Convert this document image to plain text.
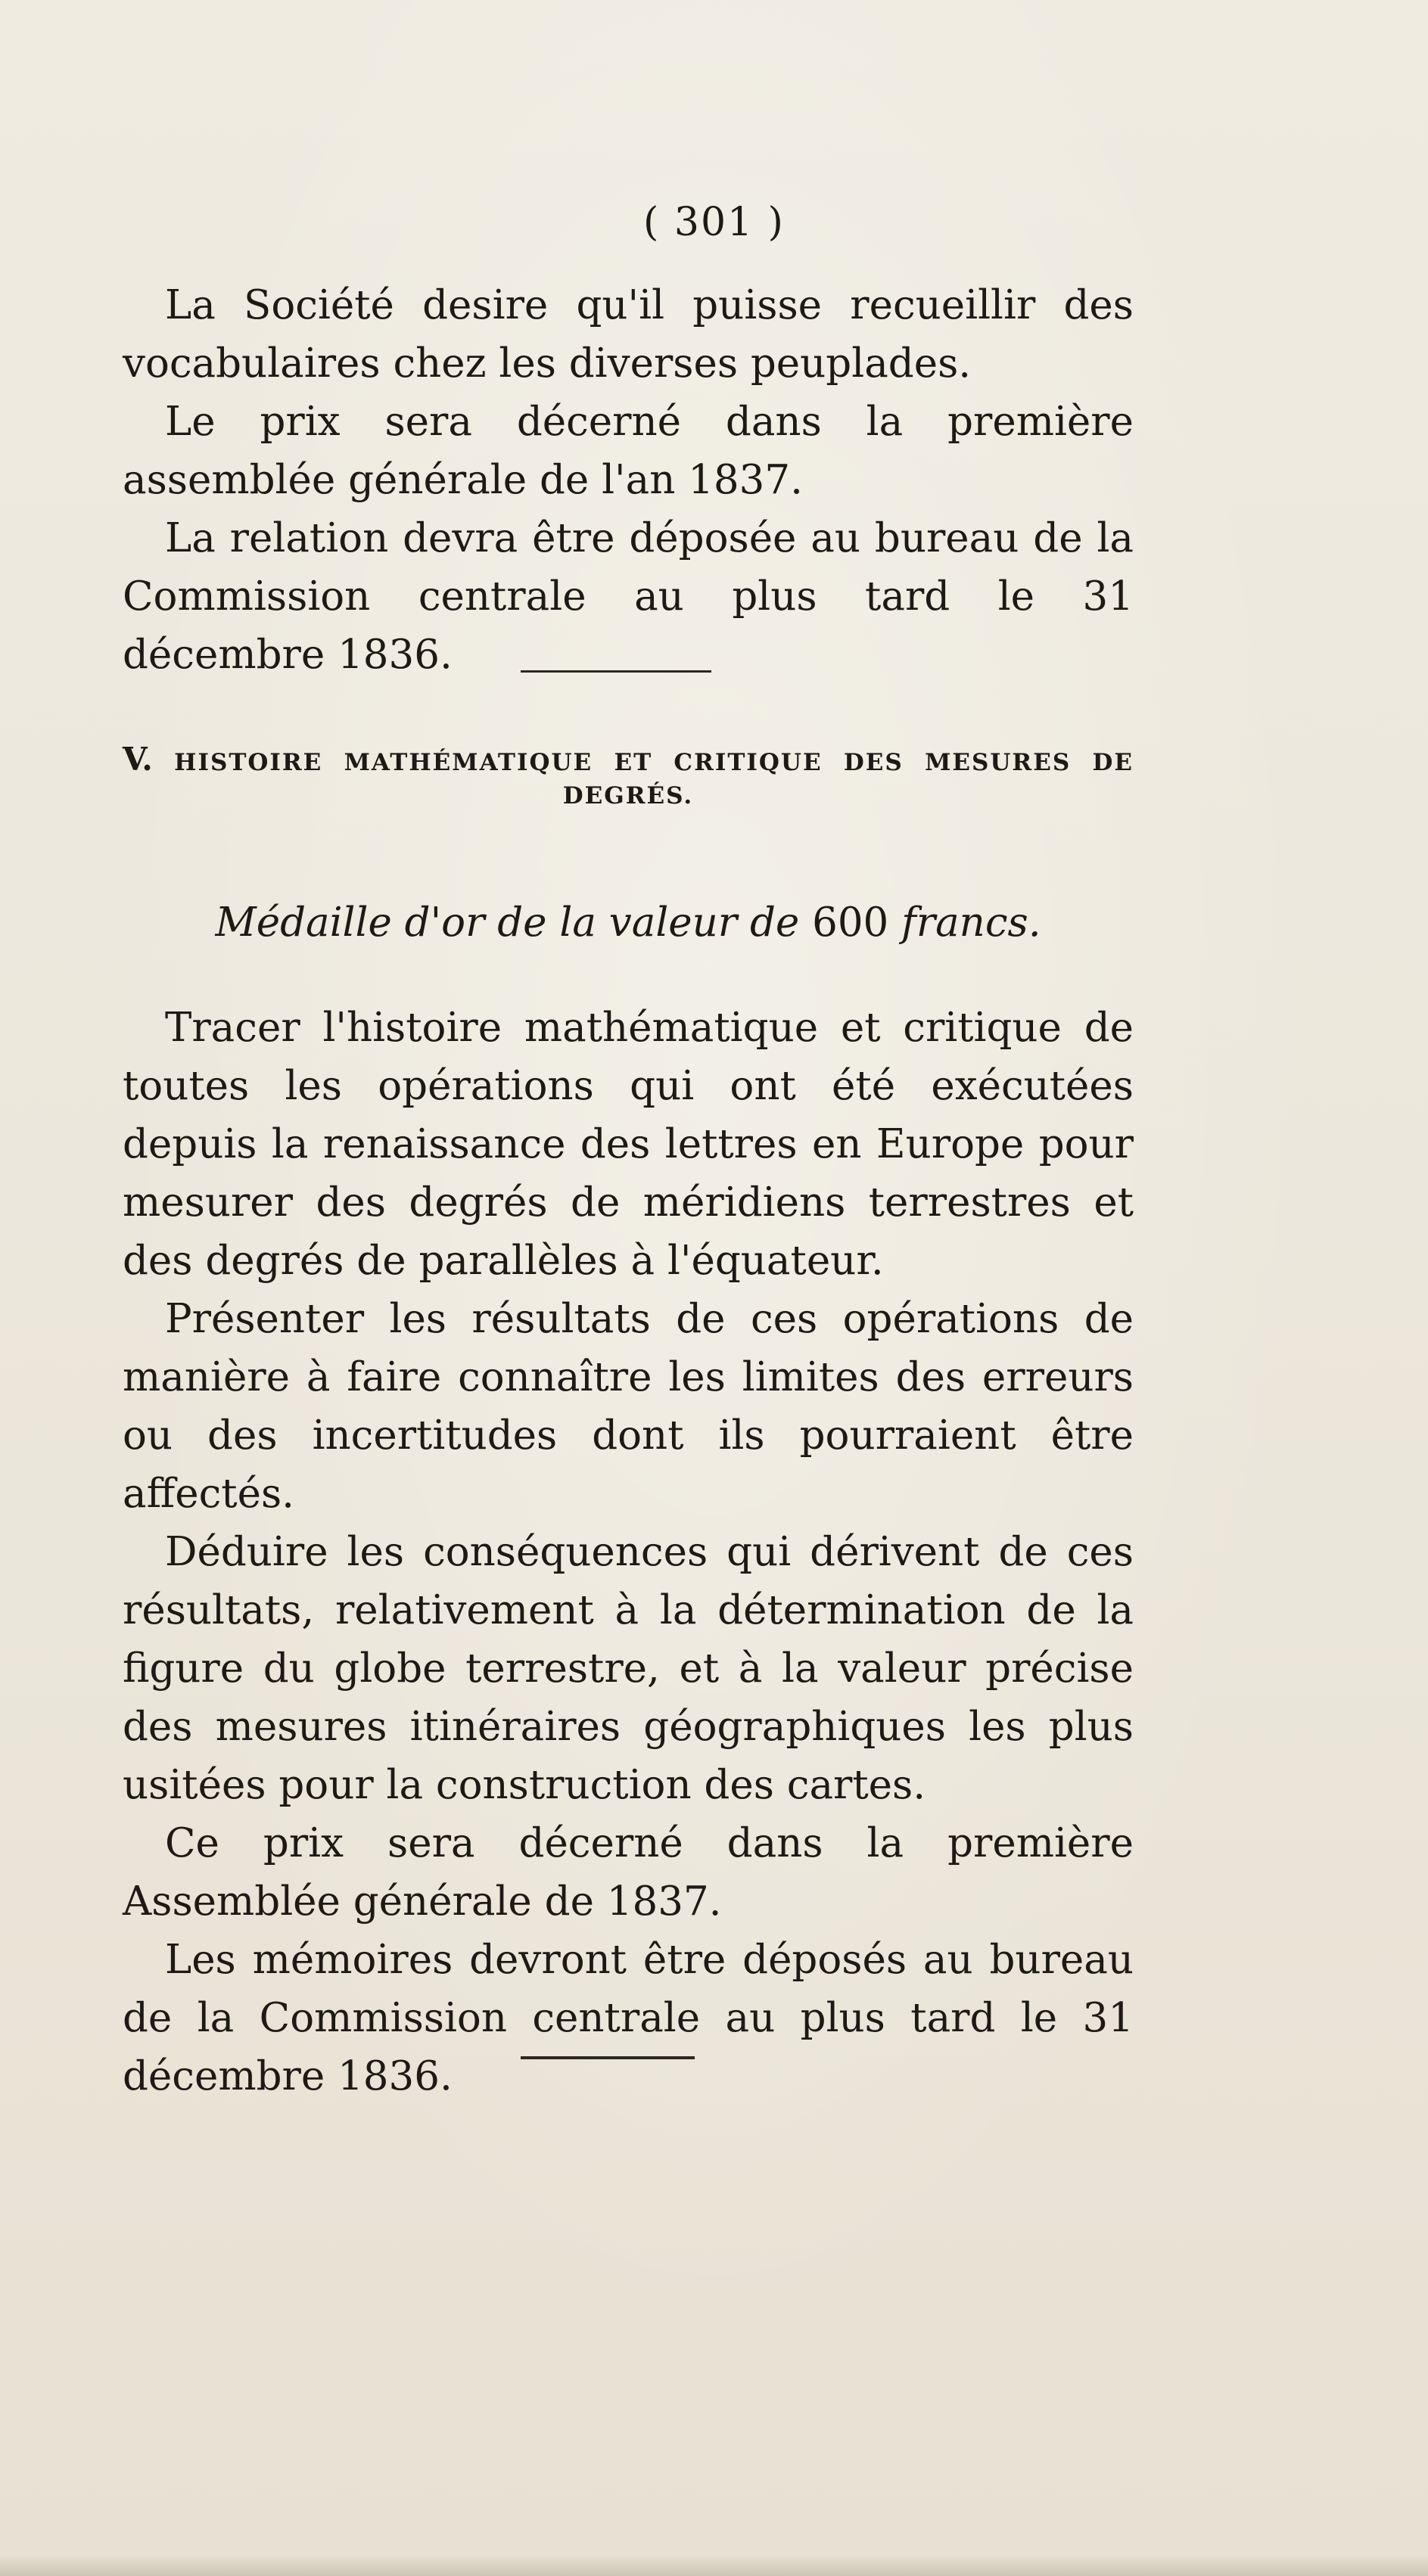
( 301 )

La Société desire qu'il puisse recueillir des vocabulaires chez les diverses peuplades.

Le prix sera décerné dans la première assemblée générale de l'an 1837.

La relation devra être déposée au bureau de la Commission centrale au plus tard le 31 décembre 1836.

V. HISTOIRE MATHÉMATIQUE ET CRITIQUE DES MESURES DE DEGRÉS.
Médaille d'or de la valeur de 600 francs.

Tracer l'histoire mathématique et critique de toutes les opérations qui ont été exécutées depuis la renaissance des lettres en Europe pour mesurer des degrés de méridiens terrestres et des degrés de parallèles à l'équateur.

Présenter les résultats de ces opérations de manière à faire connaître les limites des erreurs ou des incertitudes dont ils pourraient être affectés.

Déduire les conséquences qui dérivent de ces résultats, relativement à la détermination de la figure du globe terrestre, et à la valeur précise des mesures itinéraires géographiques les plus usitées pour la construction des cartes.

Ce prix sera décerné dans la première Assemblée générale de 1837.

Les mémoires devront être déposés au bureau de la Commission centrale au plus tard le 31 décembre 1836.
